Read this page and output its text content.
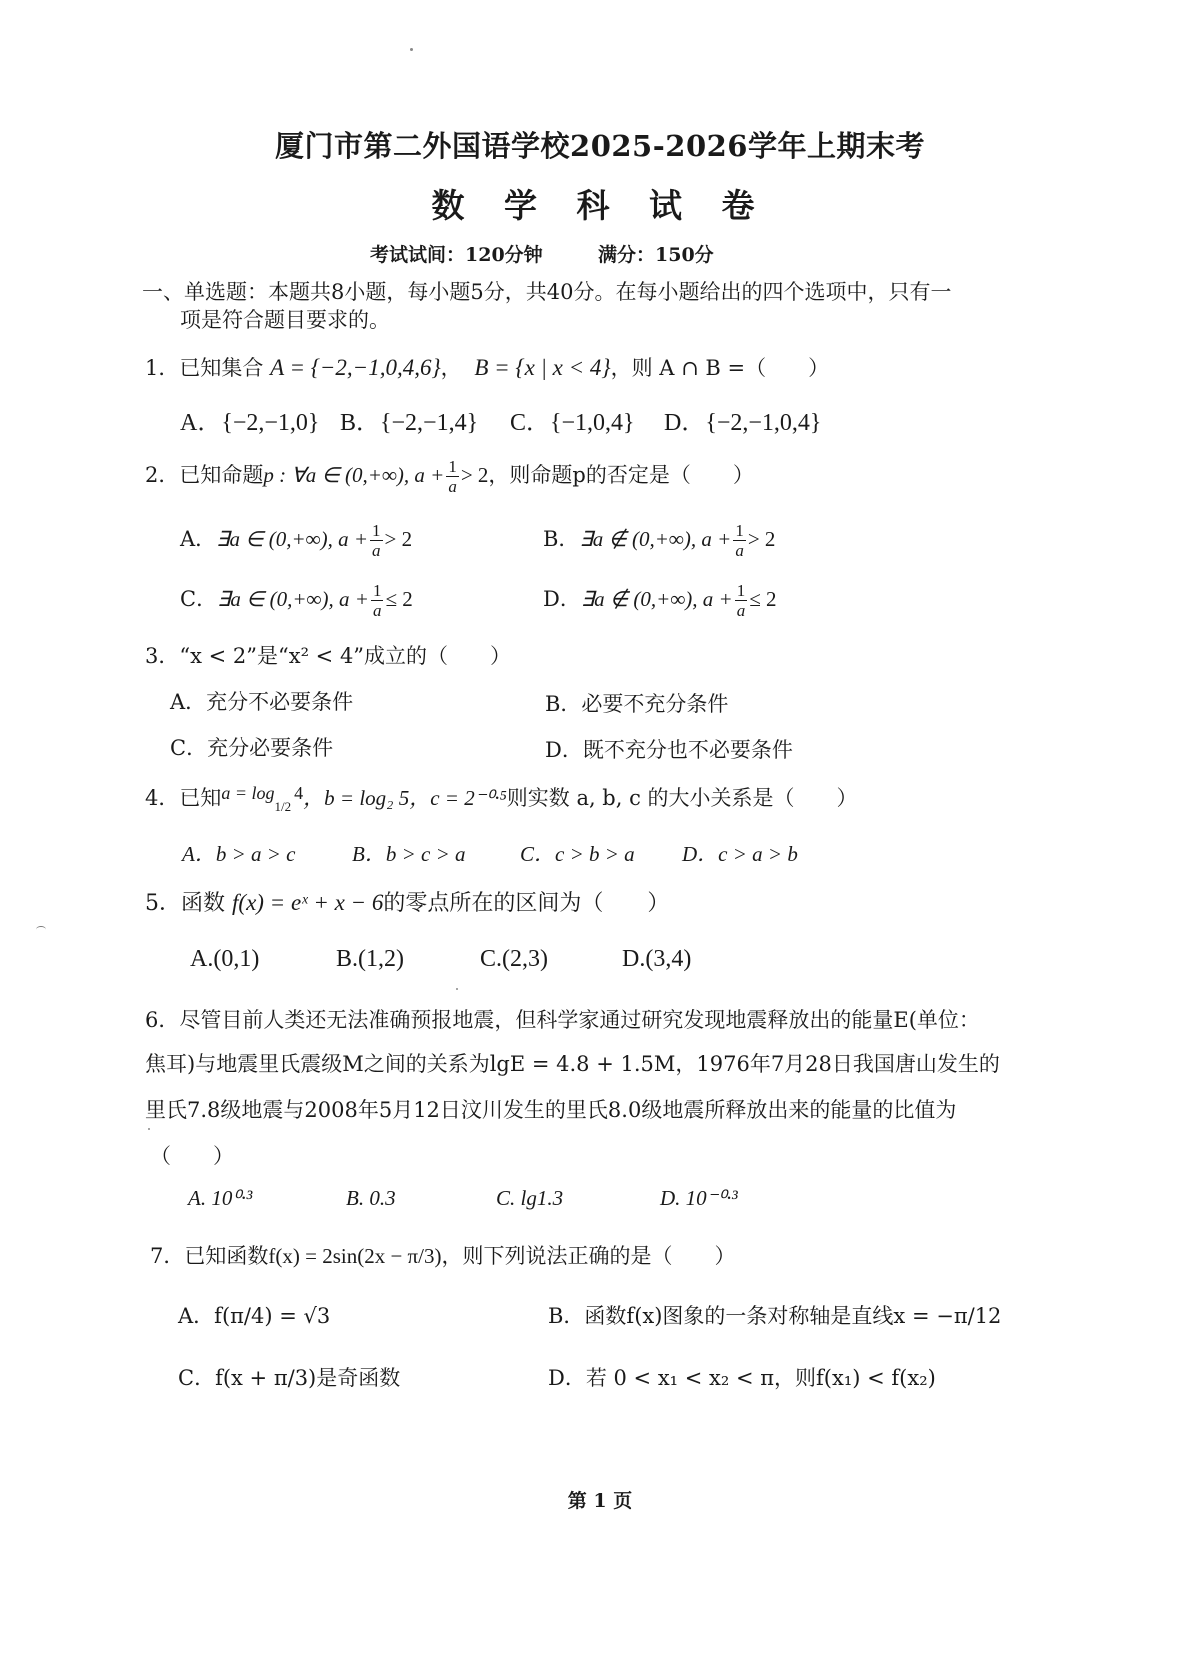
厦门市第二外国语学校2025-2026学年上期末考
数 学 科 试 卷
考试试间：120分钟	满分：150分
一、单选题：本题共8小题，每小题5分，共40分。在每小题给出的四个选项中，只有一
项是符合题目要求的。
1．已知集合 A = {−2,−1,0,4,6}， B = {x | x < 4}，则 A ∩ B =（　　）
A．{−2,−1,0} B．{−2,−1,4} C．{−1,0,4} D．{−2,−1,0,4}
2．已知命题p : ∀a ∈ (0,+∞), $a + \frac{1}{a} > 2$，则命题p的否定是（　　）
A．∃a ∈ (0,+∞), $a + \frac{1}{a} > 2$	B．∃a ∉ (0,+∞), $a + \frac{1}{a} > 2$
C．∃a ∈ (0,+∞), $a + \frac{1}{a} \le 2$	D．∃a ∉ (0,+∞), $a + \frac{1}{a} \le 2$
3．“x < 2”是“x² < 4”成立的（　　）
A．充分不必要条件	B．必要不充分条件
C．充分必要条件	D．既不充分也不必要条件
4．已知$a = \log_{1/2}4$，b = log₂ 5，c = 2⁻⁰·⁵则实数 a, b, c 的大小关系是（　　）
A．b > a > c	B．b > c > a	C．c > b > a D．c > a > b
5．函数 f(x) = eˣ + x − 6的零点所在的区间为（　　）
A.(0,1)	B.(1,2)	C.(2,3)	D.(3,4)
6．尽管目前人类还无法准确预报地震，但科学家通过研究发现地震释放出的能量E(单位：
焦耳)与地震里氏震级M之间的关系为lgE = 4.8 + 1.5M，1976年7月28日我国唐山发生的
里氏7.8级地震与2008年5月12日汶川发生的里氏8.0级地震所释放出来的能量的比值为
（　　）
A. 10⁰·³	B. 0.3	C. lg1.3	D. 10⁻⁰·³
7．已知函数f(x) = 2sin(2x − π/3)，则下列说法正确的是（　　）
A．f(π/4) = √3	B．函数f(x)图象的一条对称轴是直线x = −π/12
C．f(x + π/3)是奇函数	D．若 0 < x₁ < x₂ < π，则f(x₁) < f(x₂)
第 1 页
